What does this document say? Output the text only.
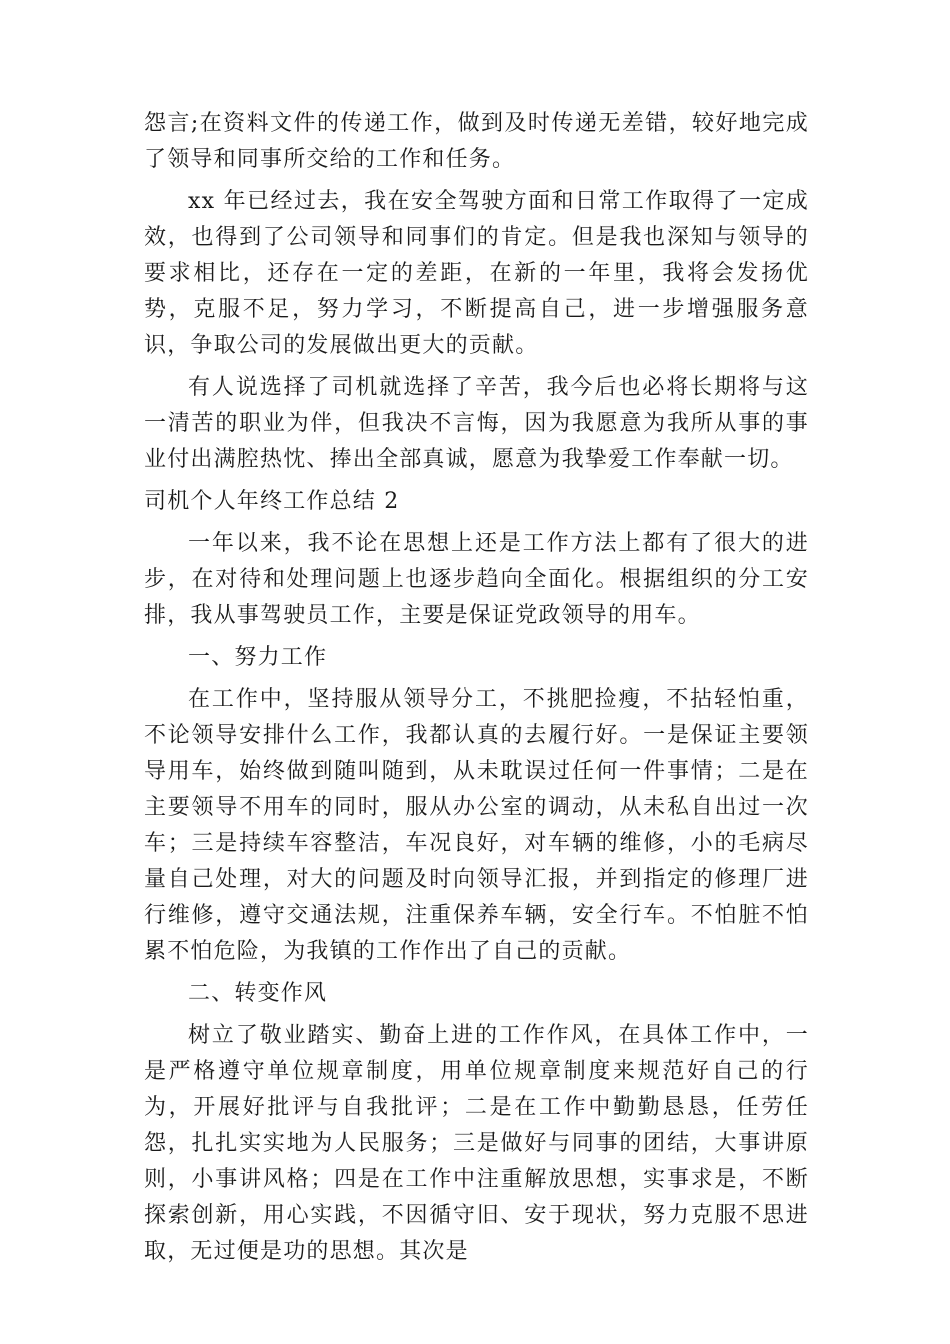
怨言;在资料文件的传递工作，做到及时传递无差错，较好地完成了领导和同事所交给的工作和任务。

xx 年已经过去，我在安全驾驶方面和日常工作取得了一定成效，也得到了公司领导和同事们的肯定。但是我也深知与领导的要求相比，还存在一定的差距，在新的一年里，我将会发扬优势，克服不足，努力学习，不断提高自己，进一步增强服务意识，争取公司的发展做出更大的贡献。

有人说选择了司机就选择了辛苦，我今后也必将长期将与这一清苦的职业为伴，但我决不言悔，因为我愿意为我所从事的事业付出满腔热忱、捧出全部真诚，愿意为我挚爱工作奉献一切。

司机个人年终工作总结 2

一年以来，我不论在思想上还是工作方法上都有了很大的进步，在对待和处理问题上也逐步趋向全面化。根据组织的分工安排，我从事驾驶员工作，主要是保证党政领导的用车。

一、努力工作

在工作中，坚持服从领导分工，不挑肥捡瘦，不拈轻怕重，不论领导安排什么工作，我都认真的去履行好。一是保证主要领导用车，始终做到随叫随到，从未耽误过任何一件事情；二是在主要领导不用车的同时，服从办公室的调动，从未私自出过一次车；三是持续车容整洁，车况良好，对车辆的维修，小的毛病尽量自己处理，对大的问题及时向领导汇报，并到指定的修理厂进行维修，遵守交通法规，注重保养车辆，安全行车。不怕脏不怕累不怕危险，为我镇的工作作出了自己的贡献。

二、转变作风

树立了敬业踏实、勤奋上进的工作作风，在具体工作中，一是严格遵守单位规章制度，用单位规章制度来规范好自己的行为，开展好批评与自我批评；二是在工作中勤勤恳恳，任劳任怨，扎扎实实地为人民服务；三是做好与同事的团结，大事讲原则，小事讲风格；四是在工作中注重解放思想，实事求是，不断探索创新，用心实践，不因循守旧、安于现状，努力克服不思进取，无过便是功的思想。其次是
